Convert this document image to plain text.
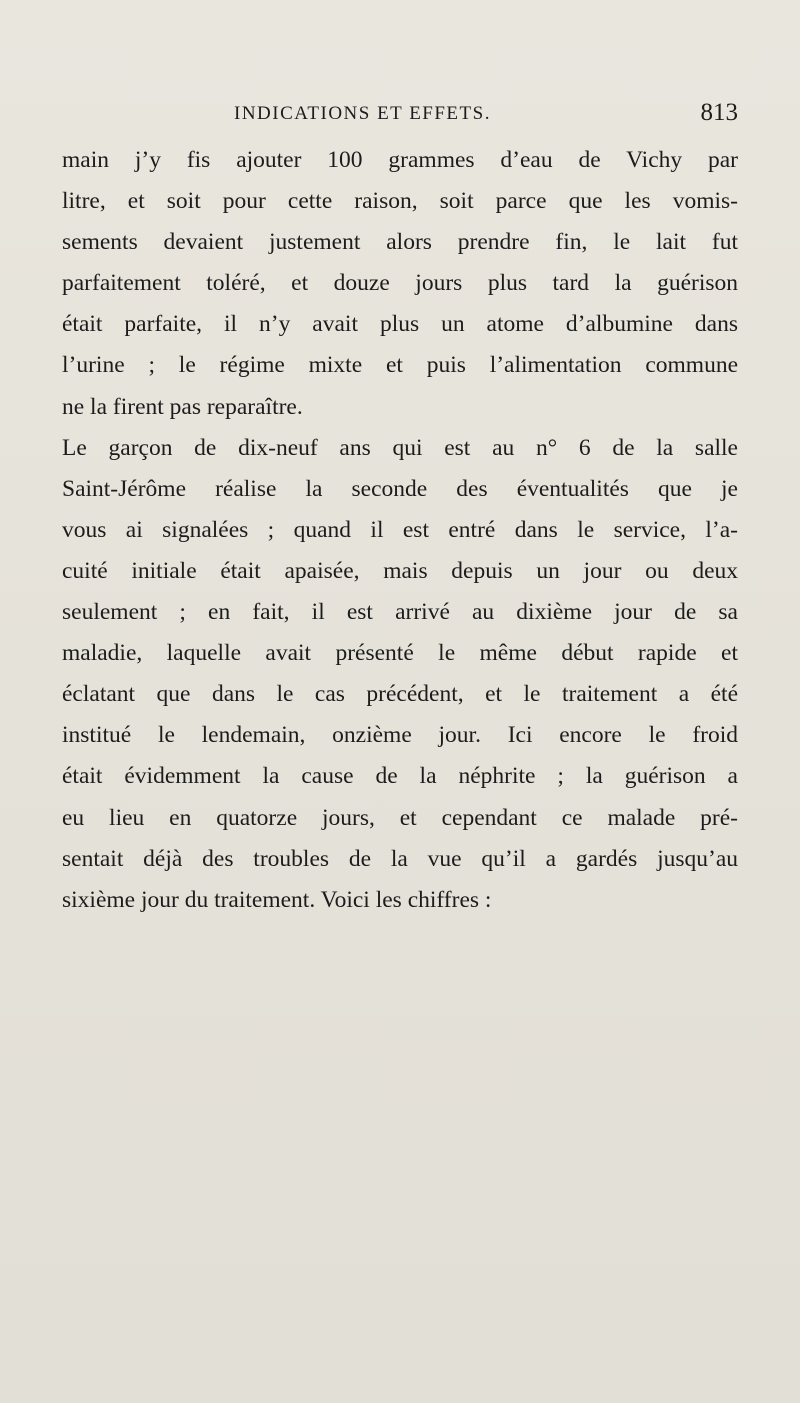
INDICATIONS ET EFFETS.	813
main j’y fis ajouter 100 grammes d’eau de Vichy par
litre, et soit pour cette raison, soit parce que les vomis-
sements devaient justement alors prendre fin, le lait fut
parfaitement toléré, et douze jours plus tard la guérison
était parfaite, il n’y avait plus un atome d’albumine dans
l’urine ; le régime mixte et puis l’alimentation commune
ne la firent pas reparaître.
Le garçon de dix-neuf ans qui est au n° 6 de la salle
Saint-Jérôme réalise la seconde des éventualités que je
vous ai signalées ; quand il est entré dans le service, l’a-
cuité initiale était apaisée, mais depuis un jour ou deux
seulement ; en fait, il est arrivé au dixième jour de sa
maladie, laquelle avait présenté le même début rapide et
éclatant que dans le cas précédent, et le traitement a été
institué le lendemain, onzième jour. Ici encore le froid
était évidemment la cause de la néphrite ; la guérison a
eu lieu en quatorze jours, et cependant ce malade pré-
sentait déjà des troubles de la vue qu’il a gardés jusqu’au
sixième jour du traitement. Voici les chiffres :
